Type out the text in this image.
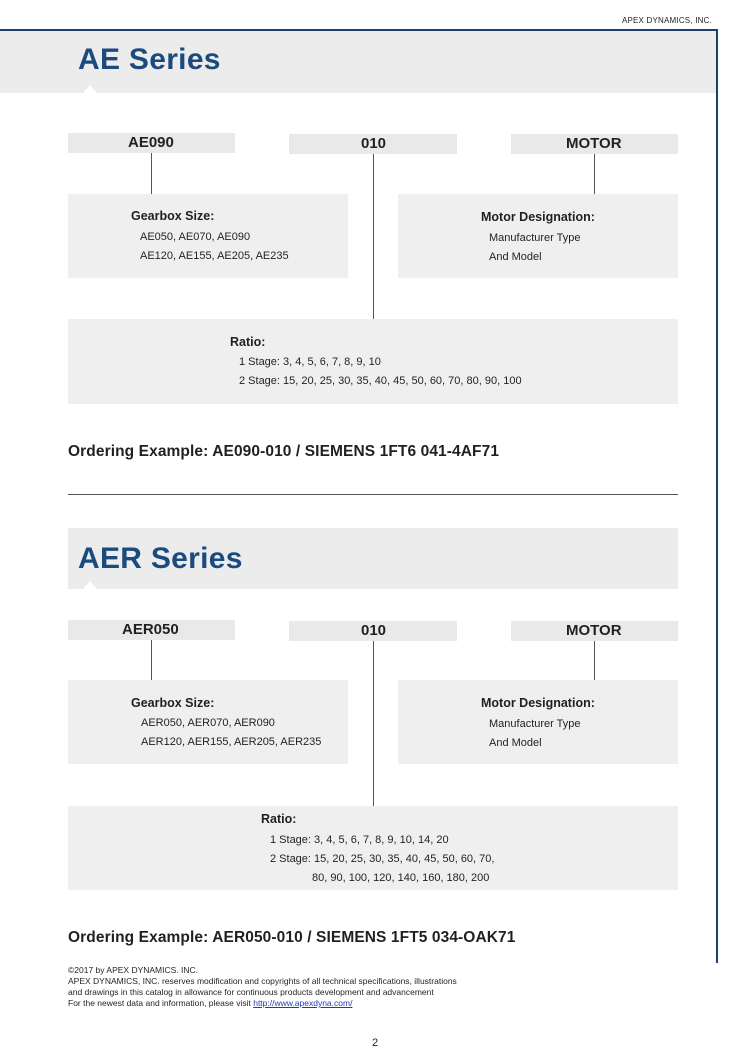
APEX DYNAMICS, INC.
AE Series
AE090	010	MOTOR
Gearbox Size:
AE050, AE070, AE090
AE120, AE155, AE205, AE235
Motor Designation:
Manufacturer Type
And Model
Ratio:
1 Stage: 3, 4, 5, 6, 7, 8, 9, 10
2 Stage: 15, 20, 25, 30, 35, 40, 45, 50, 60, 70, 80, 90, 100
Ordering Example: AE090-010 / SIEMENS 1FT6 041-4AF71
AER Series
AER050	010	MOTOR
Gearbox Size:
AER050, AER070, AER090
AER120, AER155, AER205, AER235
Motor Designation:
Manufacturer Type
And Model
Ratio:
1 Stage: 3, 4, 5, 6, 7, 8, 9, 10, 14, 20
2 Stage: 15, 20, 25, 30, 35, 40, 45, 50, 60, 70,
80, 90, 100, 120, 140, 160, 180, 200
Ordering Example: AER050-010 / SIEMENS 1FT5 034-OAK71
©2017 by APEX DYNAMICS. INC.
APEX DYNAMICS, INC. reserves modification and copyrights of all technical specifications, illustrations
and drawings in this catalog in allowance for continuous products development and advancement
For the newest data and information, please visit http://www.apexdyna.com/
2
